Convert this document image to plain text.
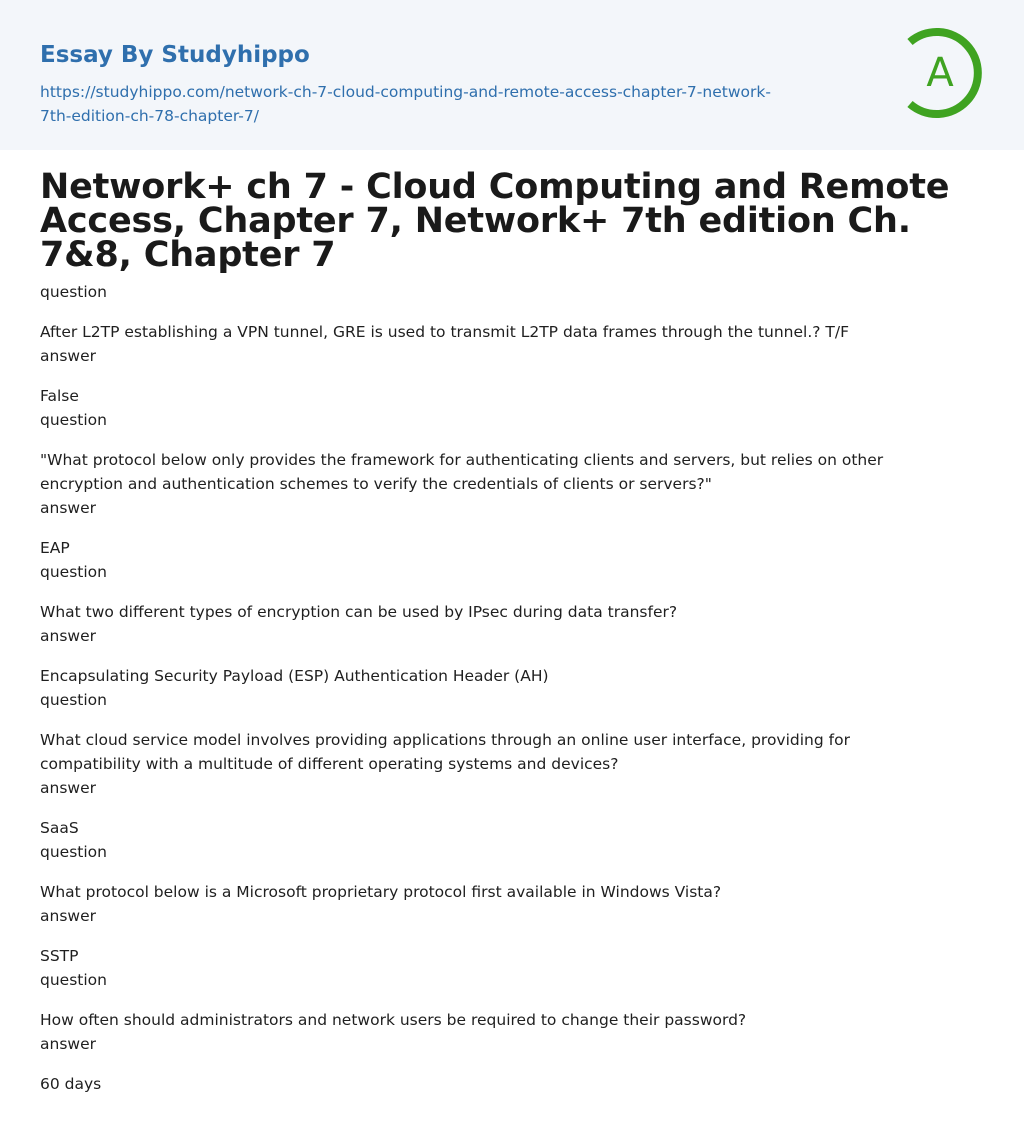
Essay By Studyhippo
https://studyhippo.com/network-ch-7-cloud-computing-and-remote-access-chapter-7-network-7th-edition-ch-78-chapter-7/
A
Network+ ch 7 - Cloud Computing and Remote Access, Chapter 7, Network+ 7th edition Ch. 7&8, Chapter 7
question
After L2TP establishing a VPN tunnel, GRE is used to transmit L2TP data frames through the tunnel.? T/F
answer
False
question
"What protocol below only provides the framework for authenticating clients and servers, but relies on other encryption and authentication schemes to verify the credentials of clients or servers?"
answer
EAP
question
What two different types of encryption can be used by IPsec during data transfer?
answer
Encapsulating Security Payload (ESP) Authentication Header (AH)
question
What cloud service model involves providing applications through an online user interface, providing for compatibility with a multitude of different operating systems and devices?
answer
SaaS
question
What protocol below is a Microsoft proprietary protocol first available in Windows Vista?
answer
SSTP
question
How often should administrators and network users be required to change their password?
answer
60 days
